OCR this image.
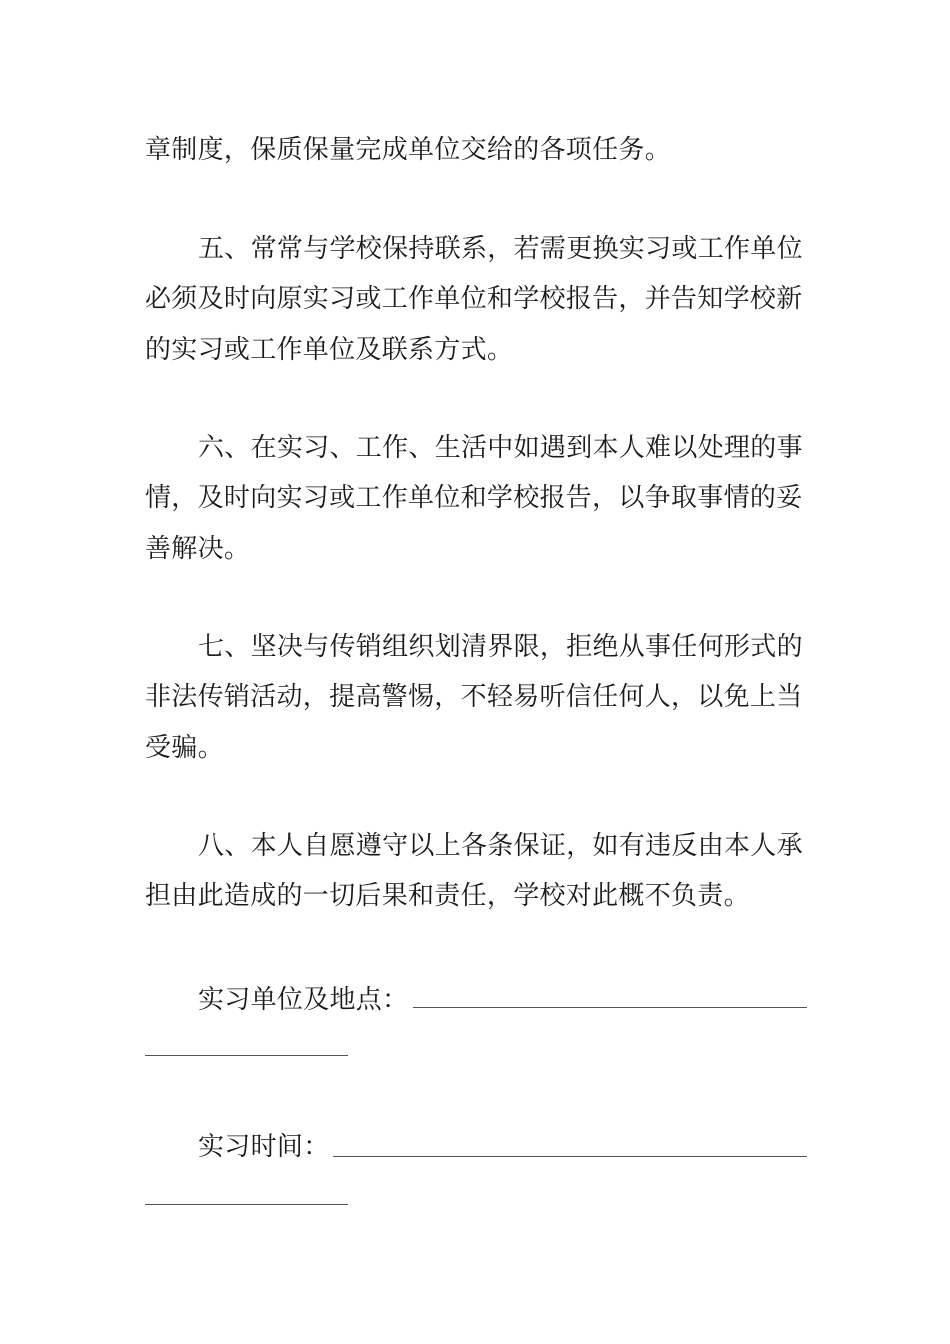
章制度，保质保量完成单位交给的各项任务。
五、常常与学校保持联系，若需更换实习或工作单位
必须及时向原实习或工作单位和学校报告，并告知学校新
的实习或工作单位及联系方式。
六、在实习、工作、生活中如遇到本人难以处理的事
情，及时向实习或工作单位和学校报告，以争取事情的妥
善解决。
七、坚决与传销组织划清界限，拒绝从事任何形式的
非法传销活动，提高警惕，不轻易听信任何人，以免上当
受骗。
八、本人自愿遵守以上各条保证，如有违反由本人承
担由此造成的一切后果和责任，学校对此概不负责。
实习单位及地点：
实习时间：
